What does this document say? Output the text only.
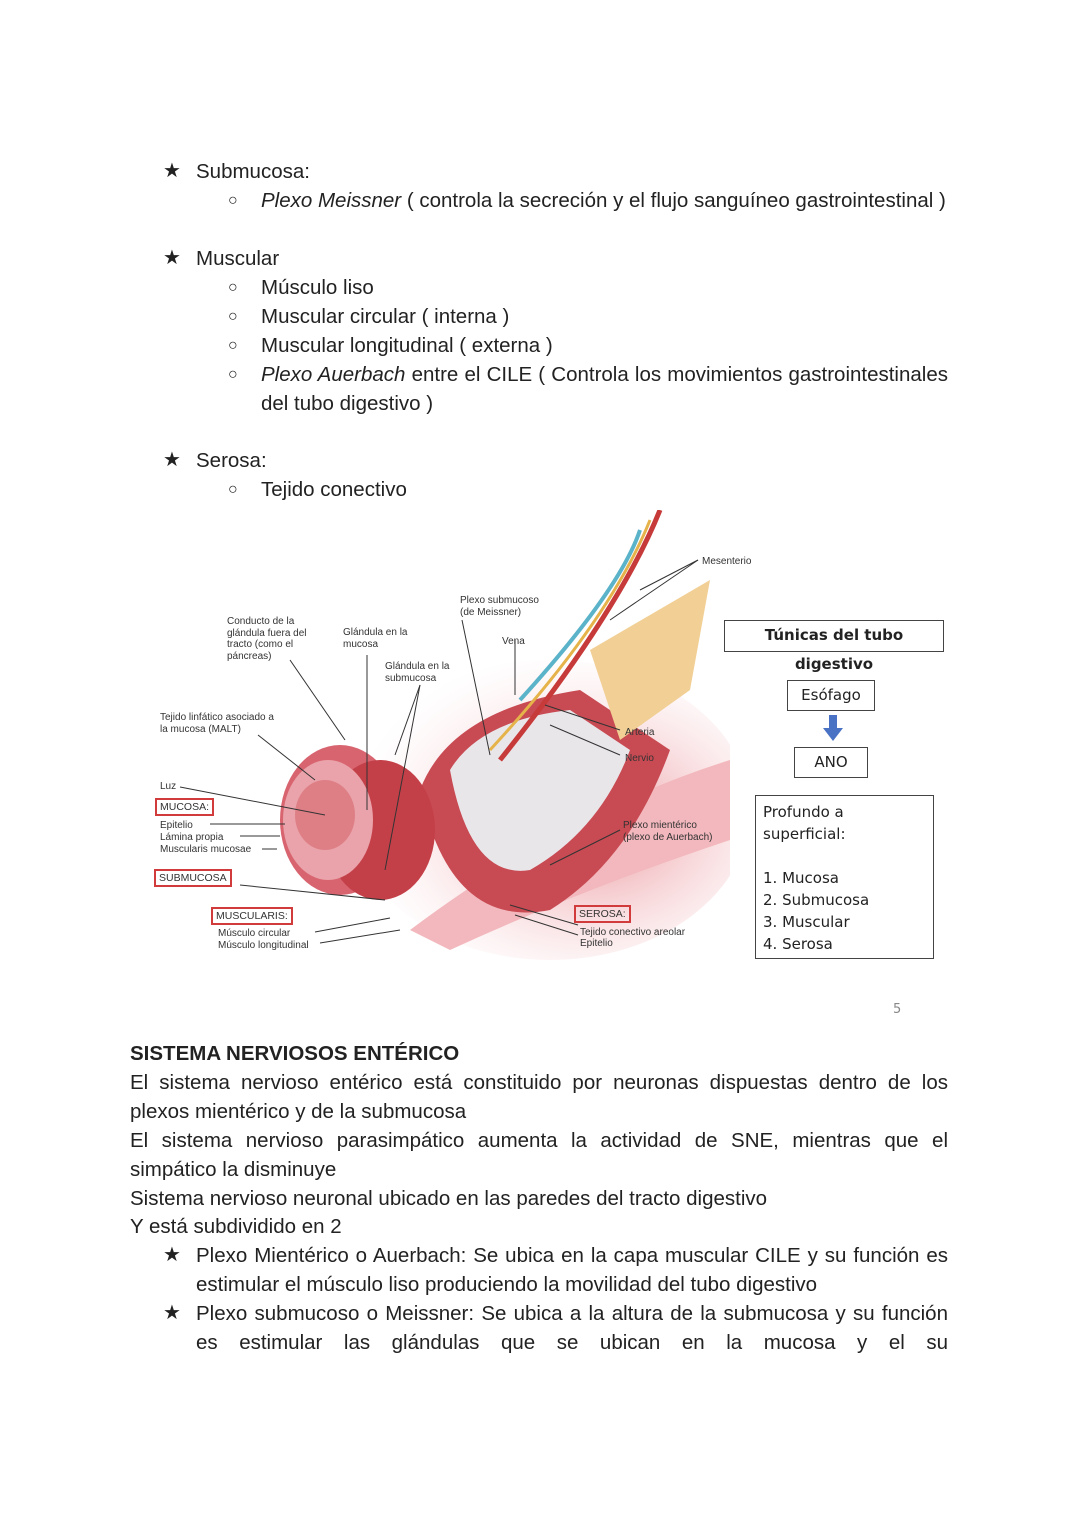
★ Submucosa:
○ Plexo Meissner ( controla la secreción y el flujo sanguíneo gastrointestinal )
★ Muscular
○ Músculo liso
○ Muscular circular ( interna )
○ Muscular longitudinal ( externa )
○ Plexo Auerbach entre el CILE ( Controla los movimientos gastrointestinales del tubo digestivo )
★ Serosa:
○ Tejido conectivo
Conducto de la glándula fuera del tracto (como el páncreas)
Glándula en la mucosa
Glándula en la submucosa
Plexo submucoso (de Meissner)
Vena
Mesenterio
Tejido linfático asociado a la mucosa (MALT)	Arteria
Nervio
Luz
MUCOSA:
Epitelio
Lámina propia
Muscularis mucosae
SUBMUCOSA
MUSCULARIS:
Músculo circular
Músculo longitudinal
Plexo mientérico (plexo de Auerbach)
SEROSA:
Tejido conectivo areolar
Epitelio
Túnicas del tubo digestivo
Esófago
ANO
Profundo a superficial:
1. Mucosa
2. Submucosa
3. Muscular
4. Serosa
5
SISTEMA NERVIOSOS ENTÉRICO
El sistema nervioso entérico está constituido por neuronas dispuestas dentro de los plexos mientérico y de la submucosa
El sistema nervioso parasimpático aumenta la actividad de SNE, mientras que el simpático la disminuye
Sistema nervioso neuronal ubicado en las paredes del tracto digestivo
Y está subdividido en 2
★ Plexo Mientérico o Auerbach: Se ubica en la capa muscular CILE y su función es estimular el músculo liso produciendo la movilidad del tubo digestivo
★ Plexo submucoso o Meissner: Se ubica a la altura de la submucosa y su función es estimular las glándulas que se ubican en la mucosa y el su
